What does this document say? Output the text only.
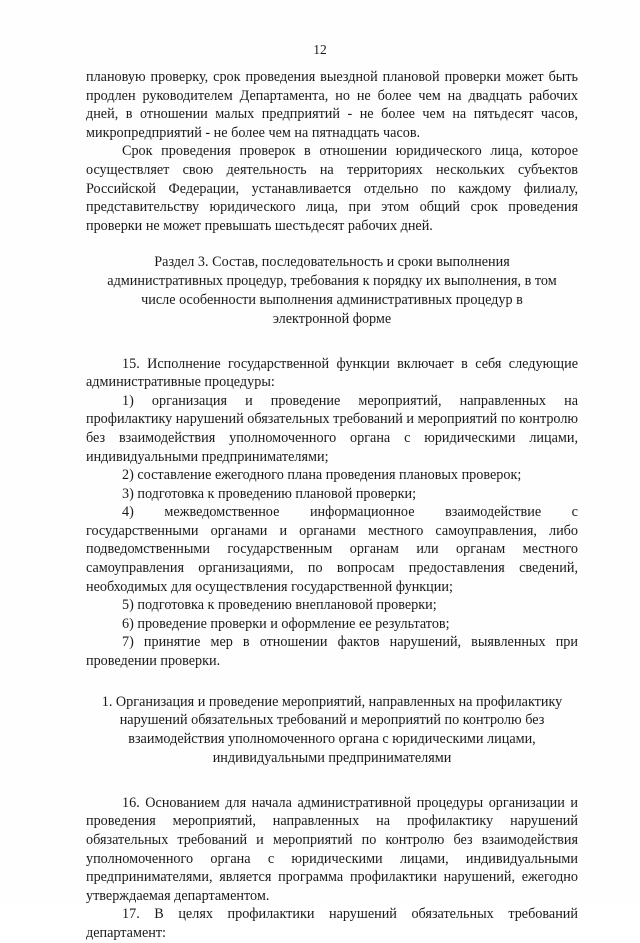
12

плановую проверку, срок проведения выездной плановой проверки может быть продлен руководителем Департамента, но не более чем на двадцать рабочих дней, в отношении малых предприятий - не более чем на пятьдесят часов, микропредприятий - не более чем на пятнадцать часов.

Срок проведения проверок в отношении юридического лица, которое осуществляет свою деятельность на территориях нескольких субъектов Российской Федерации, устанавливается отдельно по каждому филиалу, представительству юридического лица, при этом общий срок проведения проверки не может превышать шестьдесят рабочих дней.

Раздел 3. Состав, последовательность и сроки выполнения

административных процедур, требования к порядку их выполнения, в том

числе особенности выполнения административных процедур в

электронной форме

15. Исполнение государственной функции включает в себя следующие административные процедуры:

1) организация и проведение мероприятий, направленных на профилактику нарушений обязательных требований и мероприятий по контролю без взаимодействия уполномоченного органа с юридическими лицами, индивидуальными предпринимателями;

2) составление ежегодного плана проведения плановых проверок;

3) подготовка к проведению плановой проверки;

4) межведомственное информационное взаимодействие с государственными органами и органами местного самоуправления, либо подведомственными государственным органам или органам местного самоуправления организациями, по вопросам предоставления сведений, необходимых для осуществления государственной функции;

5) подготовка к проведению внеплановой проверки;

6) проведение проверки и оформление ее результатов;

7) принятие мер в отношении фактов нарушений, выявленных при проведении проверки.

1. Организация и проведение мероприятий, направленных на профилактику

нарушений обязательных требований и мероприятий по контролю без

взаимодействия уполномоченного органа с юридическими лицами,

индивидуальными предпринимателями

16. Основанием для начала административной процедуры организации и проведения мероприятий, направленных на профилактику нарушений обязательных требований и мероприятий по контролю без взаимодействия уполномоченного органа с юридическими лицами, индивидуальными предпринимателями, является программа профилактики нарушений, ежегодно утверждаемая департаментом.

17. В целях профилактики нарушений обязательных требований департамент:
